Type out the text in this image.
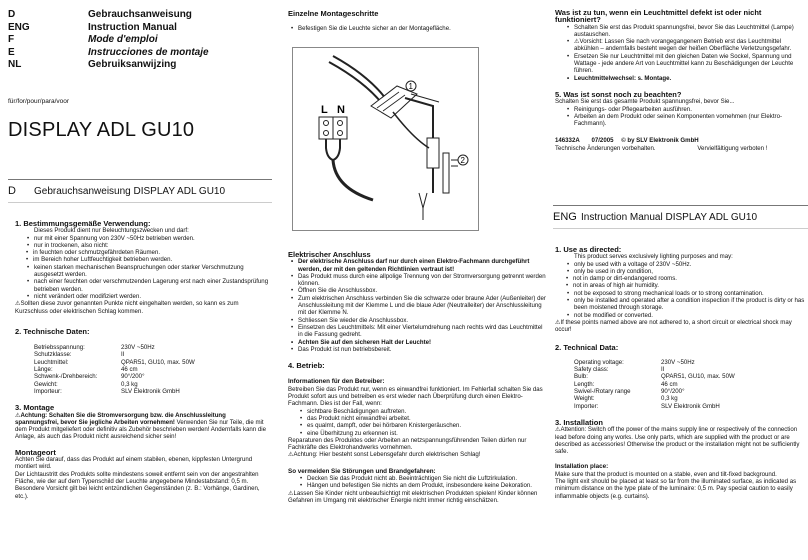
D	Gebrauchsanweisung
ENG	Instruction Manual
F	Mode d'emploi
E	Instrucciones de montaje
NL	Gebruiksanwijzing
für/for/pour/para/voor
DISPLAY ADL GU10
D	Gebrauchsanweisung DISPLAY ADL GU10
1. Bestimmungsgemäße Verwendung:
Dieses Produkt dient nur Beleuchtungszwecken und darf:
• nur mit einer Spannung von 230V ~50Hz betrieben werden.
• nur in trockenen, also nicht:
• in feuchten oder schmutzgefährdeten Räumen.
• im Bereich hoher Luftfeuchtigkeit betrieben werden.
• keinen starken mechanischen Beanspruchungen oder starker Verschmutzung ausgesetzt werden.
• nach einer feuchten oder verschmutzenden Lagerung erst nach einer Zustandsprüfung betrieben werden.
• nicht verändert oder modifiziert werden.
⚠ Sollten diese zuvor genannten Punkte nicht eingehalten werden, so kann es zum Kurzschluss oder elektrischen Schlag kommen.
2. Technische Daten:
Betriebsspannung:	230V ~50Hz
Schutzklasse:	II
Leuchtmittel:	QPAR51, GU10, max. 50W
Länge:	46 cm
Schwenk-/Drehbereich:	90°/200°
Gewicht:	0,3 kg
Importeur:	SLV Elektronik GmbH
3. Montage
⚠ Achtung: Schalten Sie die Stromversorgung bzw. die Anschlussleitung spannungsfrei, bevor Sie jegliche Arbeiten vornehmen! Verwenden Sie nur Teile, die mit dem Produkt mitgeliefert oder definitiv als Zubehör beschrieben werden! Andernfalls kann die Anlage, als auch das Produkt nicht ausreichend sicher sein!
Montageort
Achten Sie darauf, dass das Produkt auf einem stabilen, ebenen, kippfesten Untergrund montiert wird.
Der Lichtaustritt des Produkts sollte mindestens soweit entfernt sein von der angestrahlten Fläche, wie der auf dem Typenschild der Leuchte angegebene Mindestabstand: 0,5 m. Besondere Vorsicht gilt bei leicht entzündlichen Gegenständen (z. B.: Vorhänge, Gardinen, etc.).
Einzelne Montageschritte
• Befestigen Sie die Leuchte sicher an der Montagefläche.
1
2
L N
Elektrischer Anschluss
• Der elektrische Anschluss darf nur durch einen Elektro-Fachmann durchgeführt werden, der mit den geltenden Richtlinien vertraut ist!
• Das Produkt muss durch eine allpolige Trennung von der Stromversorgung getrennt werden können.
• Öffnen Sie die Anschlussbox.
• Zum elektrischen Anschluss verbinden Sie die schwarze oder braune Ader (Außenleiter) der Anschlussleitung mit der Klemme L und die blaue Ader (Neutralleiter) der Anschlussleitung mit der Klemme N.
• Schliessen Sie wieder die Anschlussbox.
• Einsetzen des Leuchtmittels: Mit einer Viertelumdrehung nach rechts wird das Leuchtmittel in die Fassung gedreht.
• Achten Sie auf den sicheren Halt der Leuchte!
• Das Produkt ist nun betriebsbereit.
4. Betrieb:
Informationen für den Betreiber:
Betreiben Sie das Produkt nur, wenn es einwandfrei funktioniert. Im Fehlerfall schalten Sie das Produkt sofort aus und betreiben es erst wieder nach Überprüfung durch einen Elektro-Fachmann. Dies ist der Fall, wenn:
• sichtbare Beschädigungen auftreten.
• das Produkt nicht einwandfrei arbeitet.
• es qualmt, dampft, oder bei hörbaren Knistergeräuschen.
• eine Überhitzung zu erkennen ist.
Reparaturen des Produktes oder Arbeiten an netzspannungsführenden Teilen dürfen nur Fachkräfte des Elektrohandwerks vornehmen.
⚠ Achtung: Hier besteht sonst Lebensgefahr durch elektrischen Schlag!
So vermeiden Sie Störungen und Brandgefahren:
• Decken Sie das Produkt nicht ab. Beeinträchtigen Sie nicht die Luftzirkulation.
• Hängen und befestigen Sie nichts an dem Produkt, insbesondere keine Dekoration.
⚠ Lassen Sie Kinder nicht unbeaufsichtigt mit elektrischen Produkten spielen! Kinder können Gefahren im Umgang mit elektrischer Energie nicht immer richtig einschätzen.
Was ist zu tun, wenn ein Leuchtmittel defekt ist oder nicht funktioniert?
• Schalten Sie erst das Produkt spannungsfrei, bevor Sie das Leuchtmittel (Lampe) austauschen.
⚠ • Vorsicht: Lassen Sie nach vorangegangenem Betrieb erst das Leuchtmittel abkühlen – andernfalls besteht wegen der heißen Oberfläche Verletzungsgefahr.
• Ersetzen Sie nur Leuchtmittel mit den gleichen Daten wie Sockel, Spannung und Wattage - jede andere Art von Leuchtmittel kann zu Beschädigungen der Leuchte führen.
• Leuchtmittelwechsel: s. Montage.
5. Was ist sonst noch zu beachten?
Schalten Sie erst das gesamte Produkt spannungsfrei, bevor Sie...
• Reinigungs- oder Pflegearbeiten ausführen.
• Arbeiten an dem Produkt oder seinen Komponenten vornehmen (nur Elektro-Fachmann).
146332A 07/2005 © by SLV Elektronik GmbH
Technische Änderungen vorbehalten.	Vervielfältigung verboten !
ENG Instruction Manual DISPLAY ADL GU10
1. Use as directed:
This product serves exclusively lighting purposes and may:
• only be used with a voltage of 230V ~50Hz.
• only be used in dry condition,
• not in damp or dirt-endangered rooms.
• not in areas of high air humidity.
• not be exposed to strong mechanical loads or to strong contamination.
• only be installed and operated after a condition inspection if the product is dirty or has been moistened through storage.
• not be modified or converted.
⚠ If these points named above are not adhered to, a short circuit or electrical shock may occur!
2. Technical Data:
Operating voltage:	230V ~50Hz
Safety class:	II
Bulb:	QPAR51, GU10, max. 50W
Length:	46 cm
Swivel-/Rotary range	90°/200°
Weight:	0,3 kg
Importer:	SLV Elektronik GmbH
3. Installation
⚠ Attention: Switch off the power of the mains supply line or respectively of the connection lead before doing any works. Use only parts, which are supplied with the product or are described as accessories! Otherwise the product or the installation might not be sufficiently safe.
Installation place:
Make sure that the product is mounted on a stable, even and tilt-fixed background.
The light exit should be placed at least so far from the illuminated surface, as indicated as minimum distance on the type plate of the luminaire: 0,5 m. Pay special caution to easily inflammable objects (e.g. curtains).
